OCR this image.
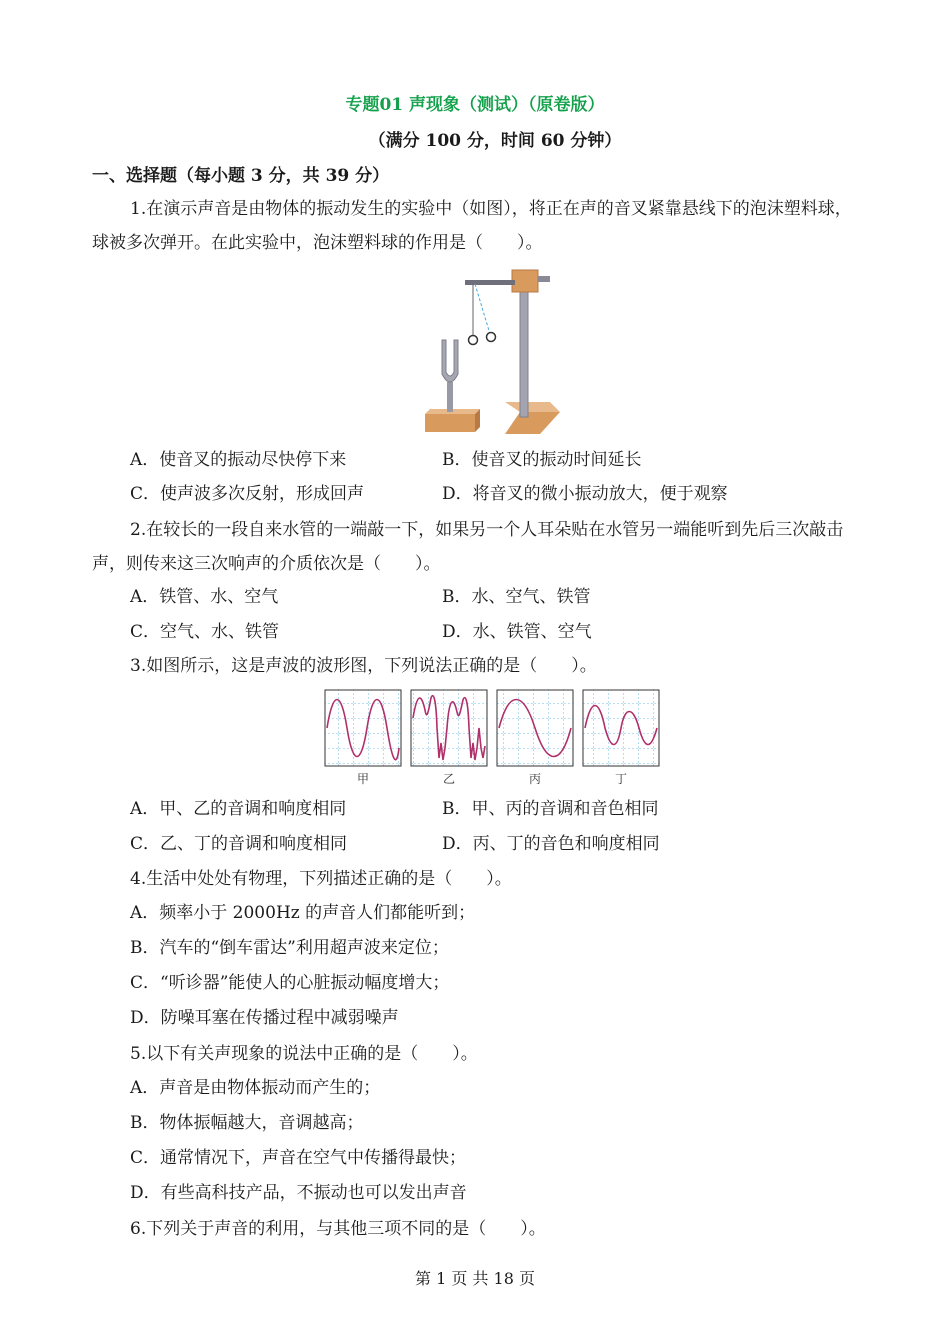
专题01 声现象（测试）（原卷版）
（满分 100 分，时间 60 分钟）
一、选择题（每小题 3 分，共 39 分）
1.在演示声音是由物体的振动发生的实验中（如图），将正在声的音叉紧靠悬线下的泡沫塑料球，球被多次弹开。在此实验中，泡沫塑料球的作用是（　　）。
A．使音叉的振动尽快停下来	B．使音叉的振动时间延长
C．使声波多次反射，形成回声	D．将音叉的微小振动放大，便于观察
2.在较长的一段自来水管的一端敲一下，如果另一个人耳朵贴在水管另一端能听到先后三次敲击声，则传来这三次响声的介质依次是（　　）。
A．铁管、水、空气	B．水、空气、铁管
C．空气、水、铁管	D．水、铁管、空气
3.如图所示，这是声波的波形图，下列说法正确的是（　　）。
甲	乙	丙	丁
A．甲、乙的音调和响度相同	B．甲、丙的音调和音色相同
C．乙、丁的音调和响度相同	D．丙、丁的音色和响度相同
4.生活中处处有物理，下列描述正确的是（　　）。
A．频率小于 2000Hz 的声音人们都能听到；
B．汽车的“倒车雷达”利用超声波来定位；
C．“听诊器”能使人的心脏振动幅度增大；
D．防噪耳塞在传播过程中减弱噪声
5.以下有关声现象的说法中正确的是（　　）。
A．声音是由物体振动而产生的；
B．物体振幅越大，音调越高；
C．通常情况下，声音在空气中传播得最快；
D．有些高科技产品，不振动也可以发出声音
6.下列关于声音的利用，与其他三项不同的是（　　）。
第 1 页 共 18 页
